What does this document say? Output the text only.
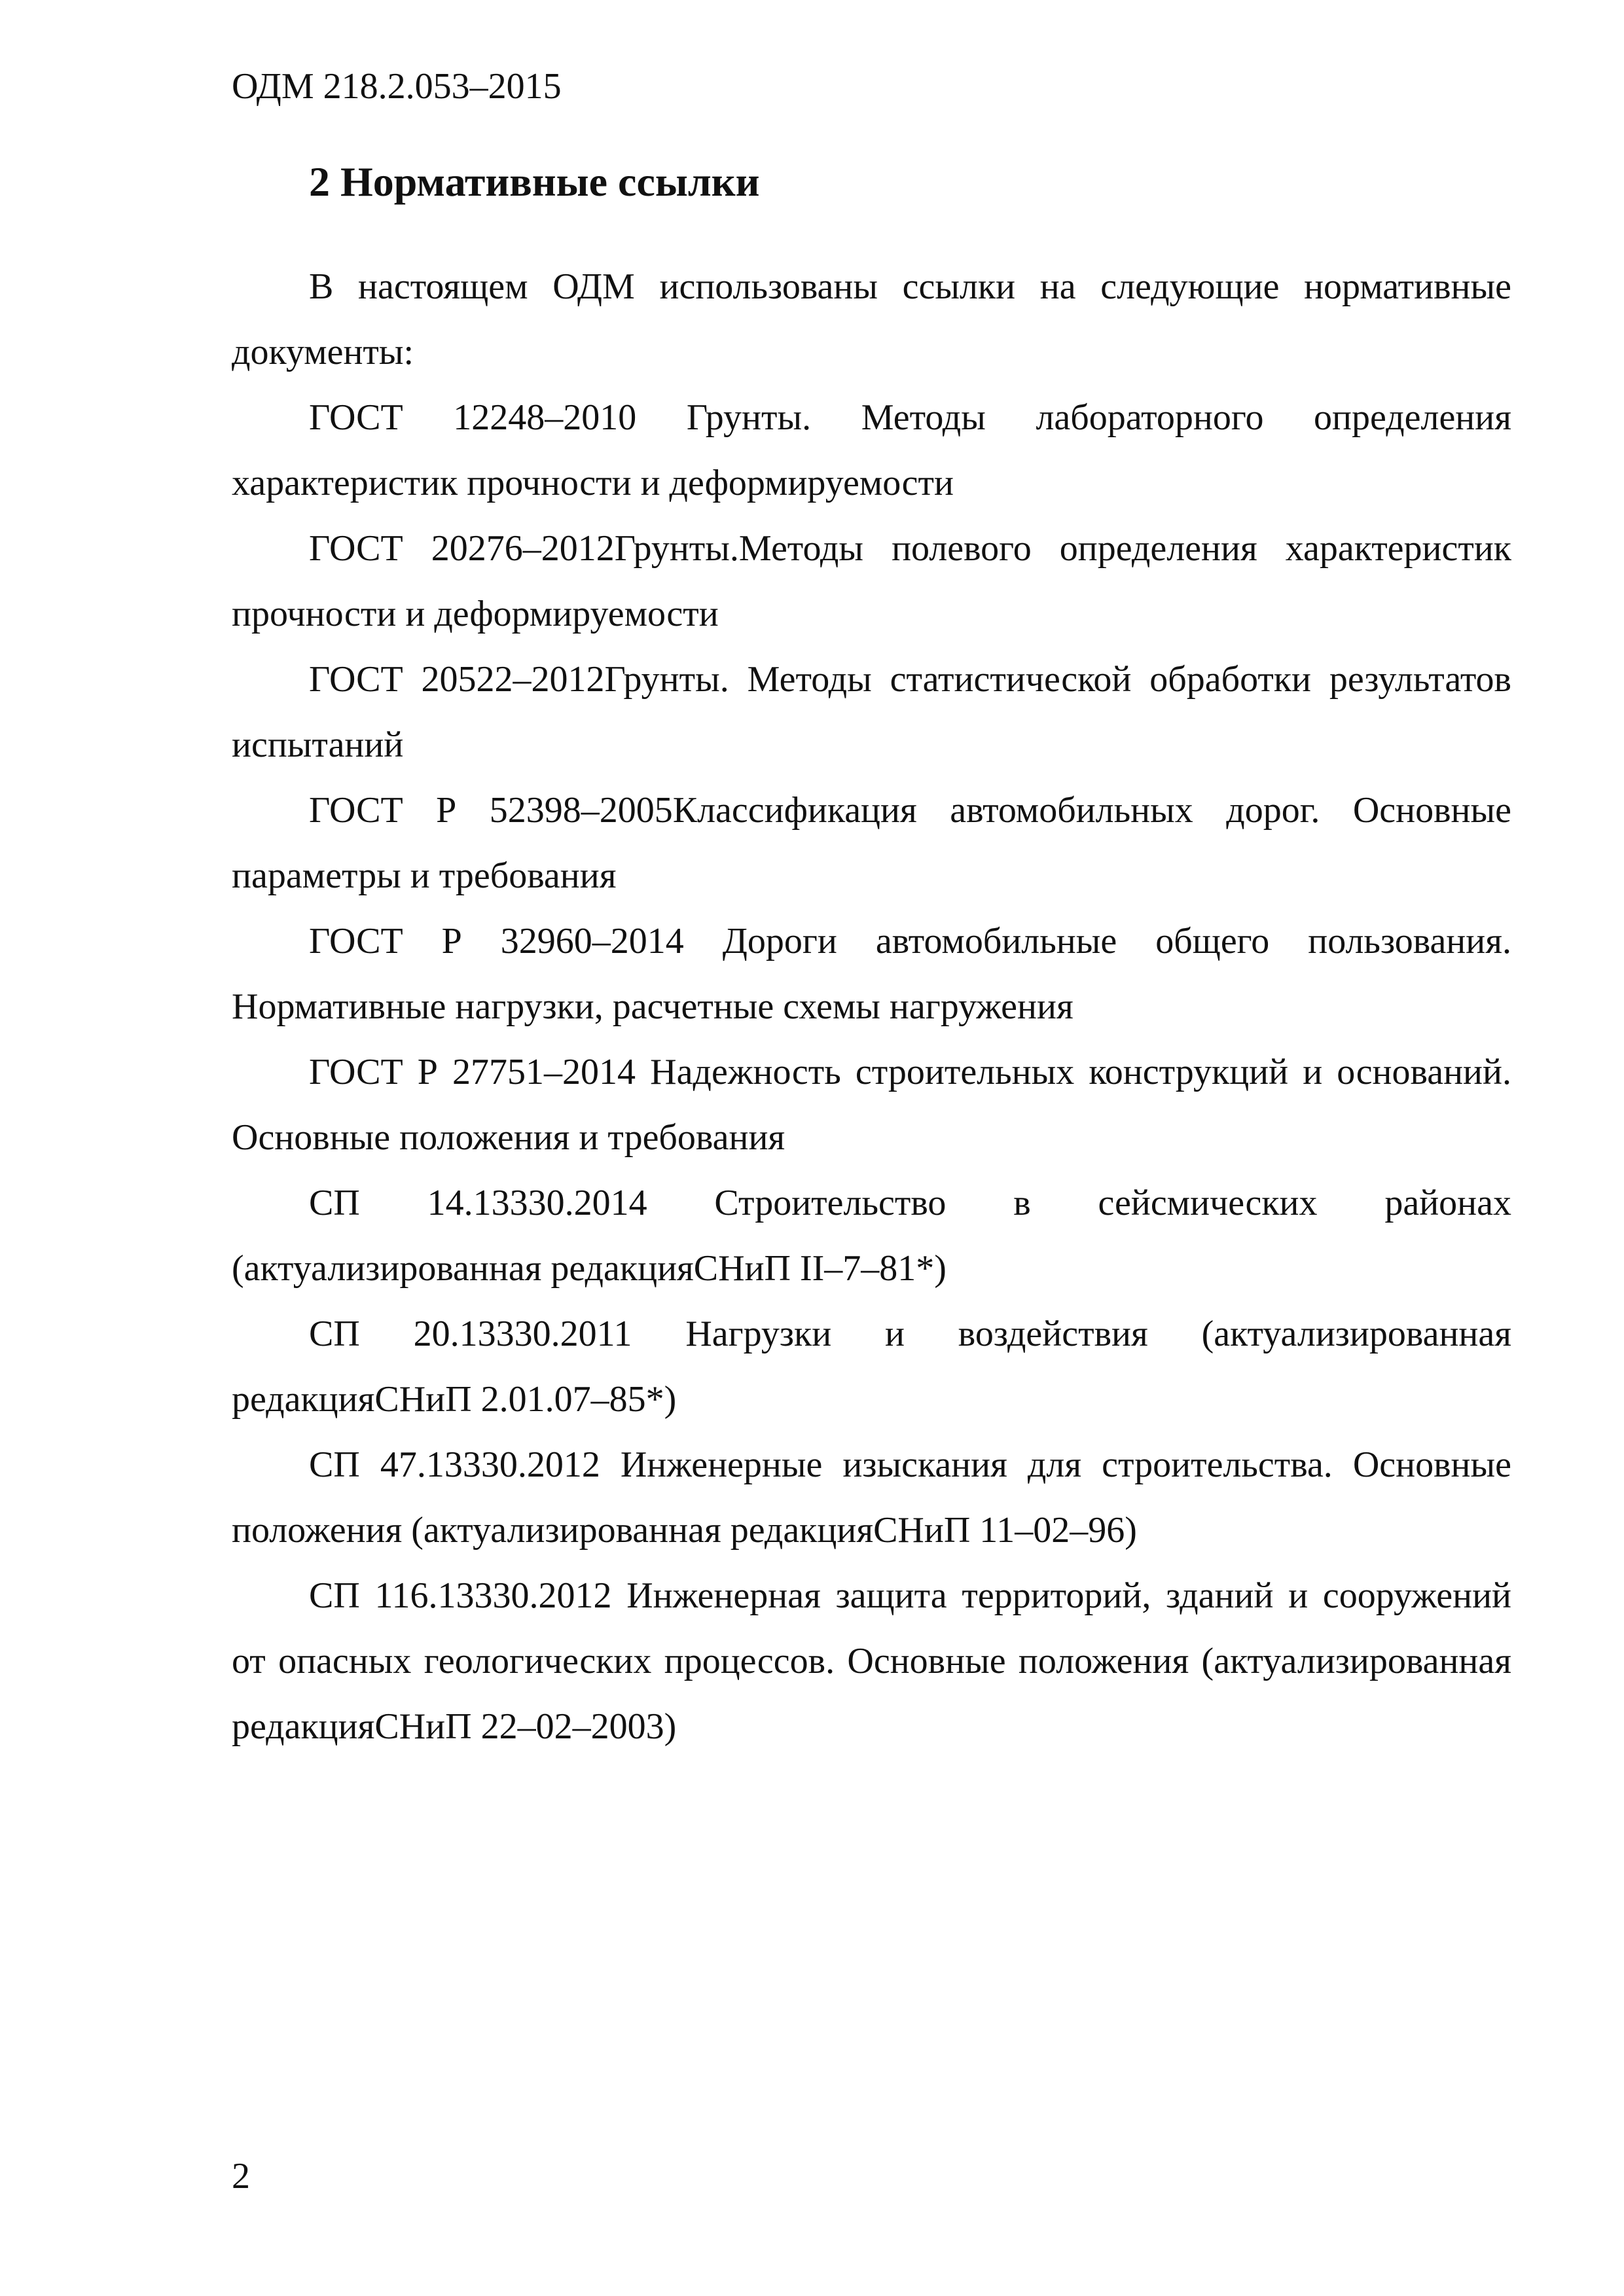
ОДМ 218.2.053–2015
2 Нормативные ссылки

В настоящем ОДМ использованы ссылки на следующие нормативные документы:

ГОСТ 12248–2010 Грунты. Методы лабораторного определения характеристик прочности и деформируемости

ГОСТ 20276–2012Грунты.Методы полевого определения характеристик прочности и деформируемости

ГОСТ 20522–2012Грунты. Методы статистической обработки результатов испытаний

ГОСТ Р 52398–2005Классификация автомобильных дорог. Основные параметры и требования

ГОСТ Р 32960–2014 Дороги автомобильные общего пользования. Нормативные нагрузки, расчетные схемы нагружения

ГОСТ Р 27751–2014 Надежность строительных конструкций и оснований. Основные положения и требования

СП 14.13330.2014 Строительство в сейсмических районах (актуализированная редакцияСНиП II–7–81*)

СП 20.13330.2011 Нагрузки и воздействия (актуализированная редакцияСНиП 2.01.07–85*)

СП 47.13330.2012 Инженерные изыскания для строительства. Основные положения (актуализированная редакцияСНиП 11–02–96)

СП 116.13330.2012 Инженерная защита территорий, зданий и сооружений от опасных геологических процессов. Основные положения (актуализированная редакцияСНиП 22–02–2003)

2
